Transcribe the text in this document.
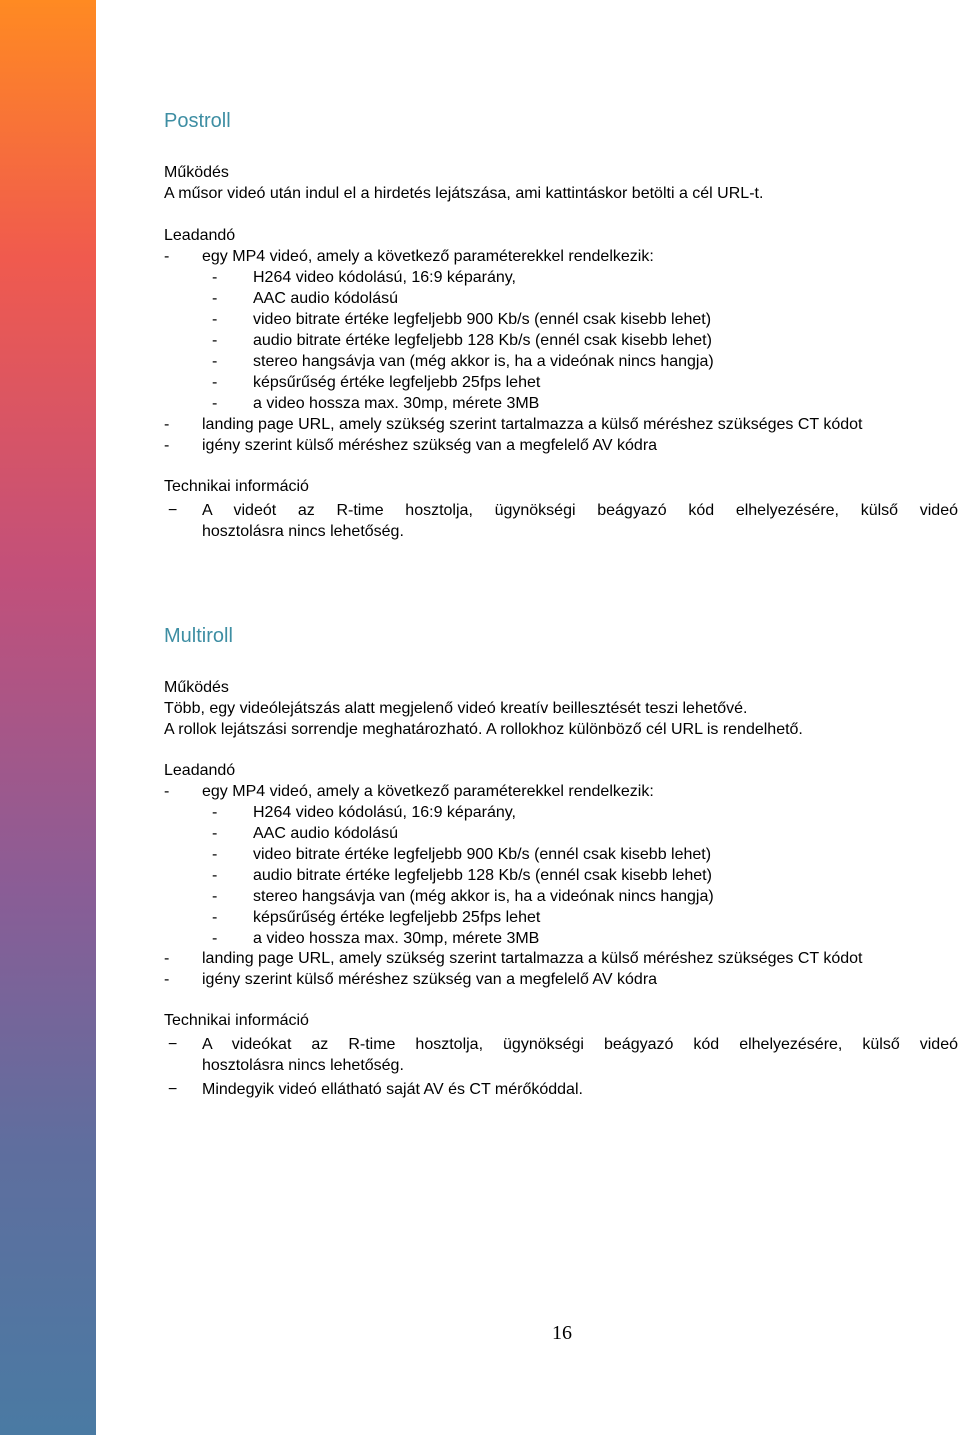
Postroll
Működés
A műsor videó után indul el a hirdetés lejátszása, ami kattintáskor betölti a cél URL-t.
Leadandó
- egy MP4 videó, amely a következő paraméterekkel rendelkezik:
- H264 video kódolású, 16:9 képarány,
- AAC audio kódolású
- video bitrate értéke legfeljebb 900 Kb/s (ennél csak kisebb lehet)
- audio bitrate értéke legfeljebb 128 Kb/s (ennél csak kisebb lehet)
- stereo hangsávja van (még akkor is, ha a videónak nincs hangja)
- képsűrűség értéke legfeljebb 25fps lehet
- a video hossza max. 30mp, mérete 3MB
- landing page URL, amely szükség szerint tartalmazza a külső méréshez szükséges CT kódot
- igény szerint külső méréshez szükség van a megfelelő AV kódra
Technikai információ
− A videót az R-time hosztolja, ügynökségi beágyazó kód elhelyezésére, külső videó
hosztolásra nincs lehetőség.
Multiroll
Működés
Több, egy videólejátszás alatt megjelenő videó kreatív beillesztését teszi lehetővé.
A rollok lejátszási sorrendje meghatározható. A rollokhoz különböző cél URL is rendelhető.
Leadandó
- egy MP4 videó, amely a következő paraméterekkel rendelkezik:
- H264 video kódolású, 16:9 képarány,
- AAC audio kódolású
- video bitrate értéke legfeljebb 900 Kb/s (ennél csak kisebb lehet)
- audio bitrate értéke legfeljebb 128 Kb/s (ennél csak kisebb lehet)
- stereo hangsávja van (még akkor is, ha a videónak nincs hangja)
- képsűrűség értéke legfeljebb 25fps lehet
- a video hossza max. 30mp, mérete 3MB
- landing page URL, amely szükség szerint tartalmazza a külső méréshez szükséges CT kódot
- igény szerint külső méréshez szükség van a megfelelő AV kódra
Technikai információ
− A videókat az R-time hosztolja, ügynökségi beágyazó kód elhelyezésére, külső videó
hosztolásra nincs lehetőség.
− Mindegyik videó ellátható saját AV és CT mérőkóddal.
16
